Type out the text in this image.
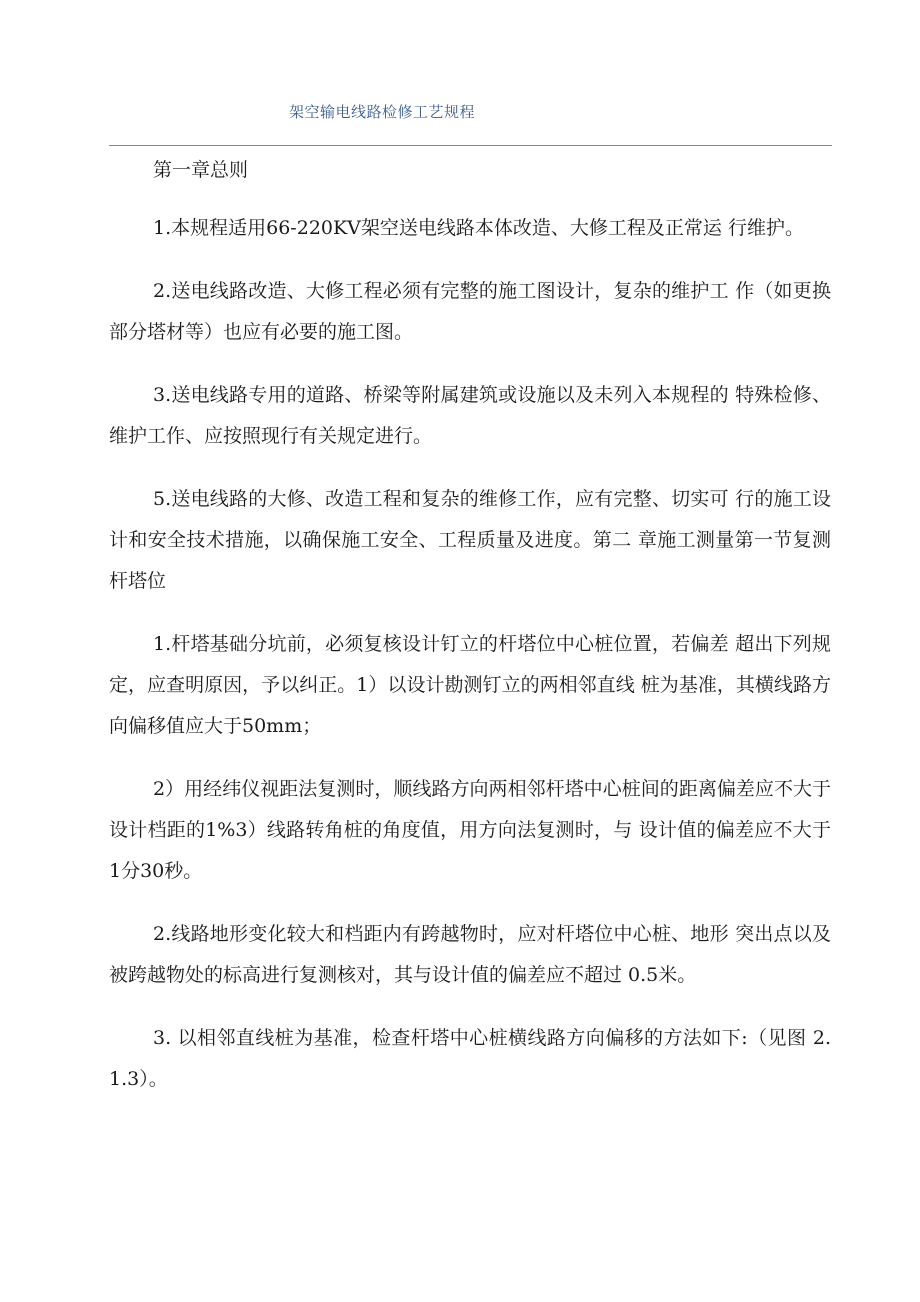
架空输电线路检修工艺规程

第一章总则

1.本规程适用66-220KV架空送电线路本体改造、大修工程及正常运 行维护。

2.送电线路改造、大修工程必须有完整的施工图设计，复杂的维护工 作（如更换部分塔材等）也应有必要的施工图。

3.送电线路专用的道路、桥梁等附属建筑或设施以及未列入本规程的 特殊检修、维护工作、应按照现行有关规定进行。

5.送电线路的大修、改造工程和复杂的维修工作，应有完整、切实可 行的施工设计和安全技术措施，以确保施工安全、工程质量及进度。第二 章施工测量第一节复测杆塔位

1.杆塔基础分坑前，必须复核设计钉立的杆塔位中心桩位置，若偏差 超出下列规定，应查明原因，予以纠正。1）以设计勘测钉立的两相邻直线 桩为基准，其横线路方向偏移值应大于50mm；

2）用经纬仪视距法复测时，顺线路方向两相邻杆塔中心桩间的距离偏差应不大于设计档距的1%3）线路转角桩的角度值，用方向法复测时，与 设计值的偏差应不大于1分30秒。

2.线路地形变化较大和档距内有跨越物时，应对杆塔位中心桩、地形 突出点以及被跨越物处的标高进行复测核对，其与设计值的偏差应不超过 0.5米。

3. 以相邻直线桩为基准，检查杆塔中心桩横线路方向偏移的方法如下:（见图 2.1.3）。
